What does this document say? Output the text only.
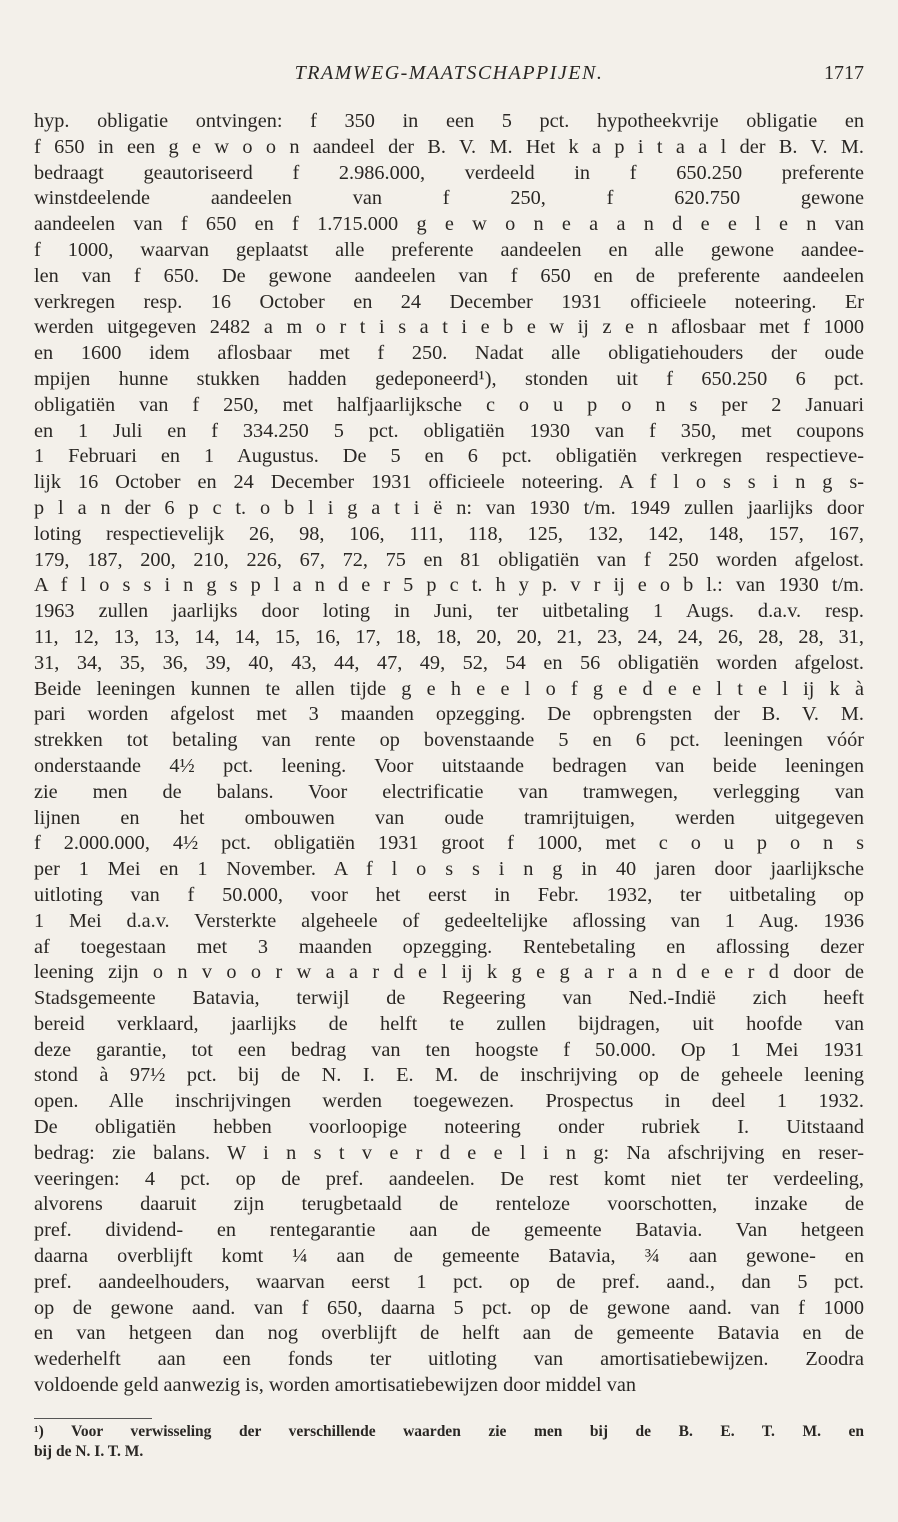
TRAMWEG-MAATSCHAPPIJEN.	1717
hyp. obligatie ontvingen: f 350 in een 5 pct. hypotheekvrije obligatie en
f 650 in een g e w o o n aandeel der B. V. M. Het k a p i t a a l der B. V. M.
bedraagt geautoriseerd f 2.986.000, verdeeld in f 650.250 preferente
winstdeelende aandeelen van f 250, f 620.750 gewone
aandeelen van f 650 en f 1.715.000 g e w o n e a a n d e e l e n van
f 1000, waarvan geplaatst alle preferente aandeelen en alle gewone aandee-
len van f 650. De gewone aandeelen van f 650 en de preferente aandeelen
verkregen resp. 16 October en 24 December 1931 officieele noteering. Er
werden uitgegeven 2482 a m o r t i s a t i e b e w ij z e n aflosbaar met f 1000
en 1600 idem aflosbaar met f 250. Nadat alle obligatiehouders der oude
mpijen hunne stukken hadden gedeponeerd¹), stonden uit f 650.250 6 pct.
obligatiën van f 250, met halfjaarlijksche c o u p o n s per 2 Januari
en 1 Juli en f 334.250 5 pct. obligatiën 1930 van f 350, met coupons
1 Februari en 1 Augustus. De 5 en 6 pct. obligatiën verkregen respectieve-
lijk 16 October en 24 December 1931 officieele noteering. A f l o s s i n g s-
p l a n der 6 p c t. o b l i g a t i ë n: van 1930 t/m. 1949 zullen jaarlijks door
loting respectievelijk 26, 98, 106, 111, 118, 125, 132, 142, 148, 157, 167,
179, 187, 200, 210, 226, 67, 72, 75 en 81 obligatiën van f 250 worden afgelost.
A f l o s s i n g s p l a n d e r 5 p c t. h y p. v r ij e o b l.: van 1930 t/m.
1963 zullen jaarlijks door loting in Juni, ter uitbetaling 1 Augs. d.a.v. resp.
11, 12, 13, 13, 14, 14, 15, 16, 17, 18, 18, 20, 20, 21, 23, 24, 24, 26, 28, 28, 31,
31, 34, 35, 36, 39, 40, 43, 44, 47, 49, 52, 54 en 56 obligatiën worden afgelost.
Beide leeningen kunnen te allen tijde g e h e e l o f g e d e e l t e l ij k à
pari worden afgelost met 3 maanden opzegging. De opbrengsten der B. V. M.
strekken tot betaling van rente op bovenstaande 5 en 6 pct. leeningen vóór
onderstaande 4½ pct. leening. Voor uitstaande bedragen van beide leeningen
zie men de balans. Voor electrificatie van tramwegen, verlegging van
lijnen en het ombouwen van oude tramrijtuigen, werden uitgegeven
f 2.000.000, 4½ pct. obligatiën 1931 groot f 1000, met c o u p o n s
per 1 Mei en 1 November. A f l o s s i n g in 40 jaren door jaarlijksche
uitloting van f 50.000, voor het eerst in Febr. 1932, ter uitbetaling op
1 Mei d.a.v. Versterkte algeheele of gedeeltelijke aflossing van 1 Aug. 1936
af toegestaan met 3 maanden opzegging. Rentebetaling en aflossing dezer
leening zijn o n v o o r w a a r d e l ij k g e g a r a n d e e r d door de
Stadsgemeente Batavia, terwijl de Regeering van Ned.-Indië zich heeft
bereid verklaard, jaarlijks de helft te zullen bijdragen, uit hoofde van
deze garantie, tot een bedrag van ten hoogste f 50.000. Op 1 Mei 1931
stond à 97½ pct. bij de N. I. E. M. de inschrijving op de geheele leening
open. Alle inschrijvingen werden toegewezen. Prospectus in deel 1 1932.
De obligatiën hebben voorloopige noteering onder rubriek I. Uitstaand
bedrag: zie balans. W i n s t v e r d e e l i n g: Na afschrijving en reser-
veeringen: 4 pct. op de pref. aandeelen. De rest komt niet ter verdeeling,
alvorens daaruit zijn terugbetaald de renteloze voorschotten, inzake de
pref. dividend- en rentegarantie aan de gemeente Batavia. Van hetgeen
daarna overblijft komt ¼ aan de gemeente Batavia, ¾ aan gewone- en
pref. aandeelhouders, waarvan eerst 1 pct. op de pref. aand., dan 5 pct.
op de gewone aand. van f 650, daarna 5 pct. op de gewone aand. van f 1000
en van hetgeen dan nog overblijft de helft aan de gemeente Batavia en de
wederhelft aan een fonds ter uitloting van amortisatiebewijzen. Zoodra
voldoende geld aanwezig is, worden amortisatiebewijzen door middel van
¹) Voor verwisseling der verschillende waarden zie men bij de B. E. T. M. en
bij de N. I. T. M.
